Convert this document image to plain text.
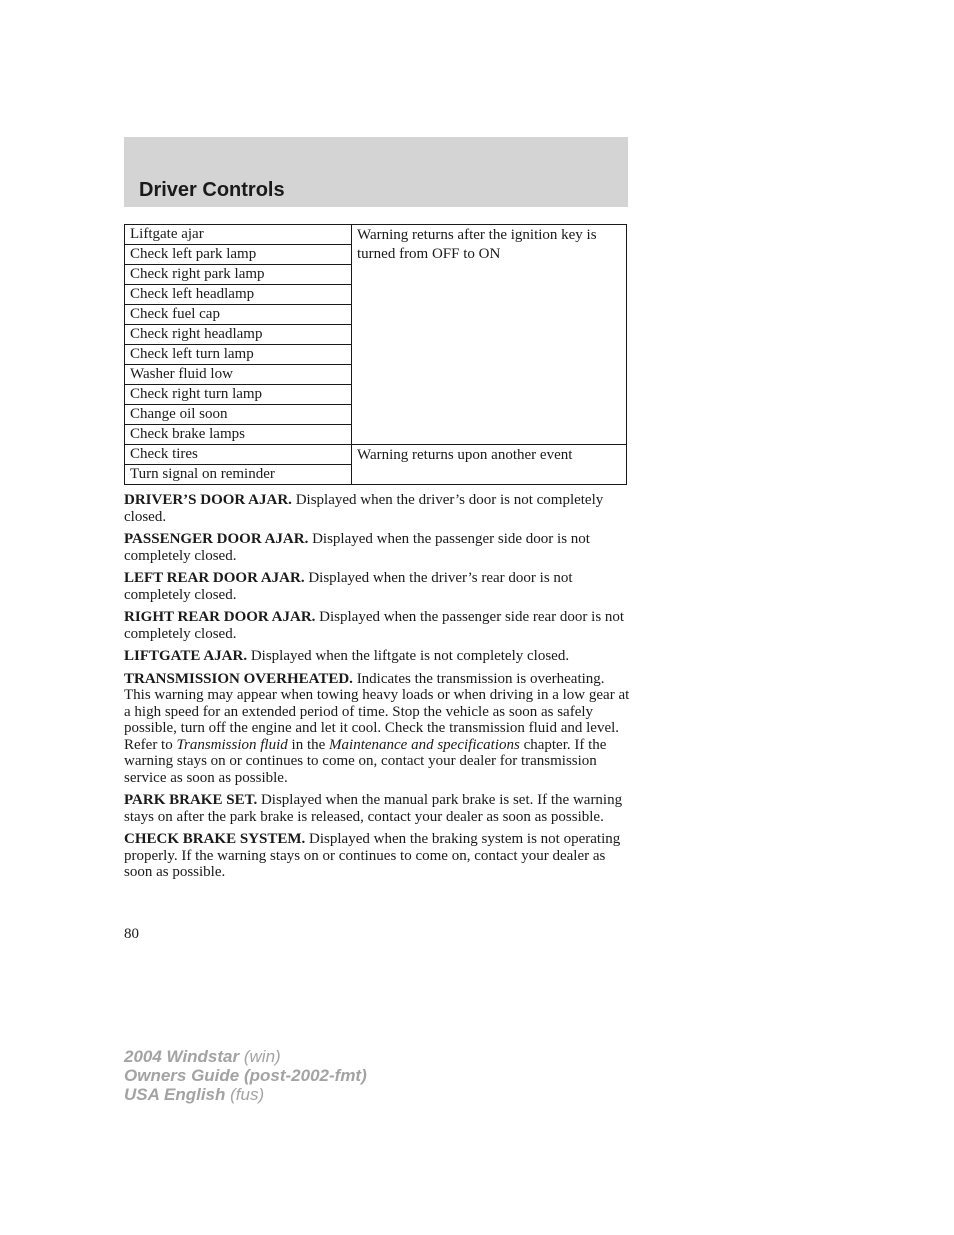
Driver Controls
Liftgate ajar	Warning returns after the ignition key is turned from OFF to ON
Check left park lamp	
Check right park lamp	
Check left headlamp	
Check fuel cap	
Check right headlamp	
Check left turn lamp	
Washer fluid low	
Check right turn lamp	
Change oil soon	
Check brake lamps	
Check tires	Warning returns upon another event
Turn signal on reminder	

DRIVER’S DOOR AJAR. Displayed when the driver’s door is not completely closed.

PASSENGER DOOR AJAR. Displayed when the passenger side door is not completely closed.

LEFT REAR DOOR AJAR. Displayed when the driver’s rear door is not completely closed.

RIGHT REAR DOOR AJAR. Displayed when the passenger side rear door is not completely closed.

LIFTGATE AJAR. Displayed when the liftgate is not completely closed.

TRANSMISSION OVERHEATED. Indicates the transmission is overheating. This warning may appear when towing heavy loads or when driving in a low gear at a high speed for an extended period of time. Stop the vehicle as soon as safely possible, turn off the engine and let it cool. Check the transmission fluid and level. Refer to Transmission fluid in the Maintenance and specifications chapter. If the warning stays on or continues to come on, contact your dealer for transmission service as soon as possible.

PARK BRAKE SET. Displayed when the manual park brake is set. If the warning stays on after the park brake is released, contact your dealer as soon as possible.

CHECK BRAKE SYSTEM. Displayed when the braking system is not operating properly. If the warning stays on or continues to come on, contact your dealer as soon as possible.

80
2004 Windstar (win)
Owners Guide (post-2002-fmt)
USA English (fus)
